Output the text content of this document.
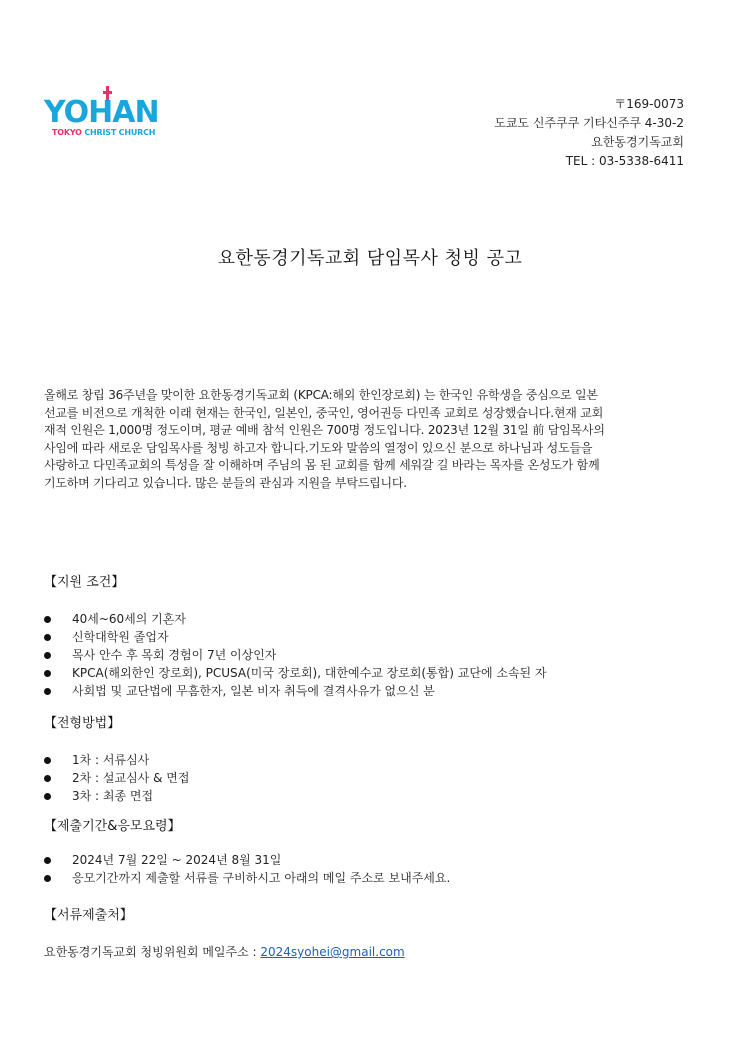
YOHAN
TOKYO CHRIST CHURCH
〒169-0073
도쿄도 신주쿠쿠 기타신주쿠 4-30-2
요한동경기독교회
TEL : 03-5338-6411
요한동경기독교회 담임목사 청빙 공고
올해로 창립 36주년을 맞이한 요한동경기독교회 (KPCA:해외 한인장로회) 는 한국인 유학생을 중심으로 일본
선교를 비전으로 개척한 이래 현재는 한국인, 일본인, 중국인, 영어권등 다민족 교회로 성장했습니다.현재 교회
재적 인원은 1,000명 정도이며, 평균 예배 참석 인원은 700명 정도입니다. 2023년 12월 31일 前 담임목사의
사임에 따라 새로운 담임목사를 청빙 하고자 합니다.기도와 말씀의 열정이 있으신 분으로 하나님과 성도들을
사랑하고 다민족교회의 특성을 잘 이해하며 주님의 몸 된 교회를 함께 세워갈 길 바라는 목자를 온성도가 함께
기도하며 기다리고 있습니다. 많은 분들의 관심과 지원을 부탁드립니다.
【지원 조건】
40세~60세의 기혼자
신학대학원 졸업자
목사 안수 후 목회 경험이 7년 이상인자
KPCA(해외한인 장로회), PCUSA(미국 장로회), 대한예수교 장로회(통합) 교단에 소속된 자
사회법 및 교단법에 무흠한자, 일본 비자 취득에 결격사유가 없으신 분
【전형방법】
1차 : 서류심사
2차 : 설교심사 & 면접
3차 : 최종 면접
【제출기간&응모요령】
2024년 7월 22일 ~ 2024년 8월 31일
응모기간까지 제출할 서류를 구비하시고 아래의 메일 주소로 보내주세요.
【서류제출처】
요한동경기독교회 청빙위원회 메일주소 : 2024syohei@gmail.com
